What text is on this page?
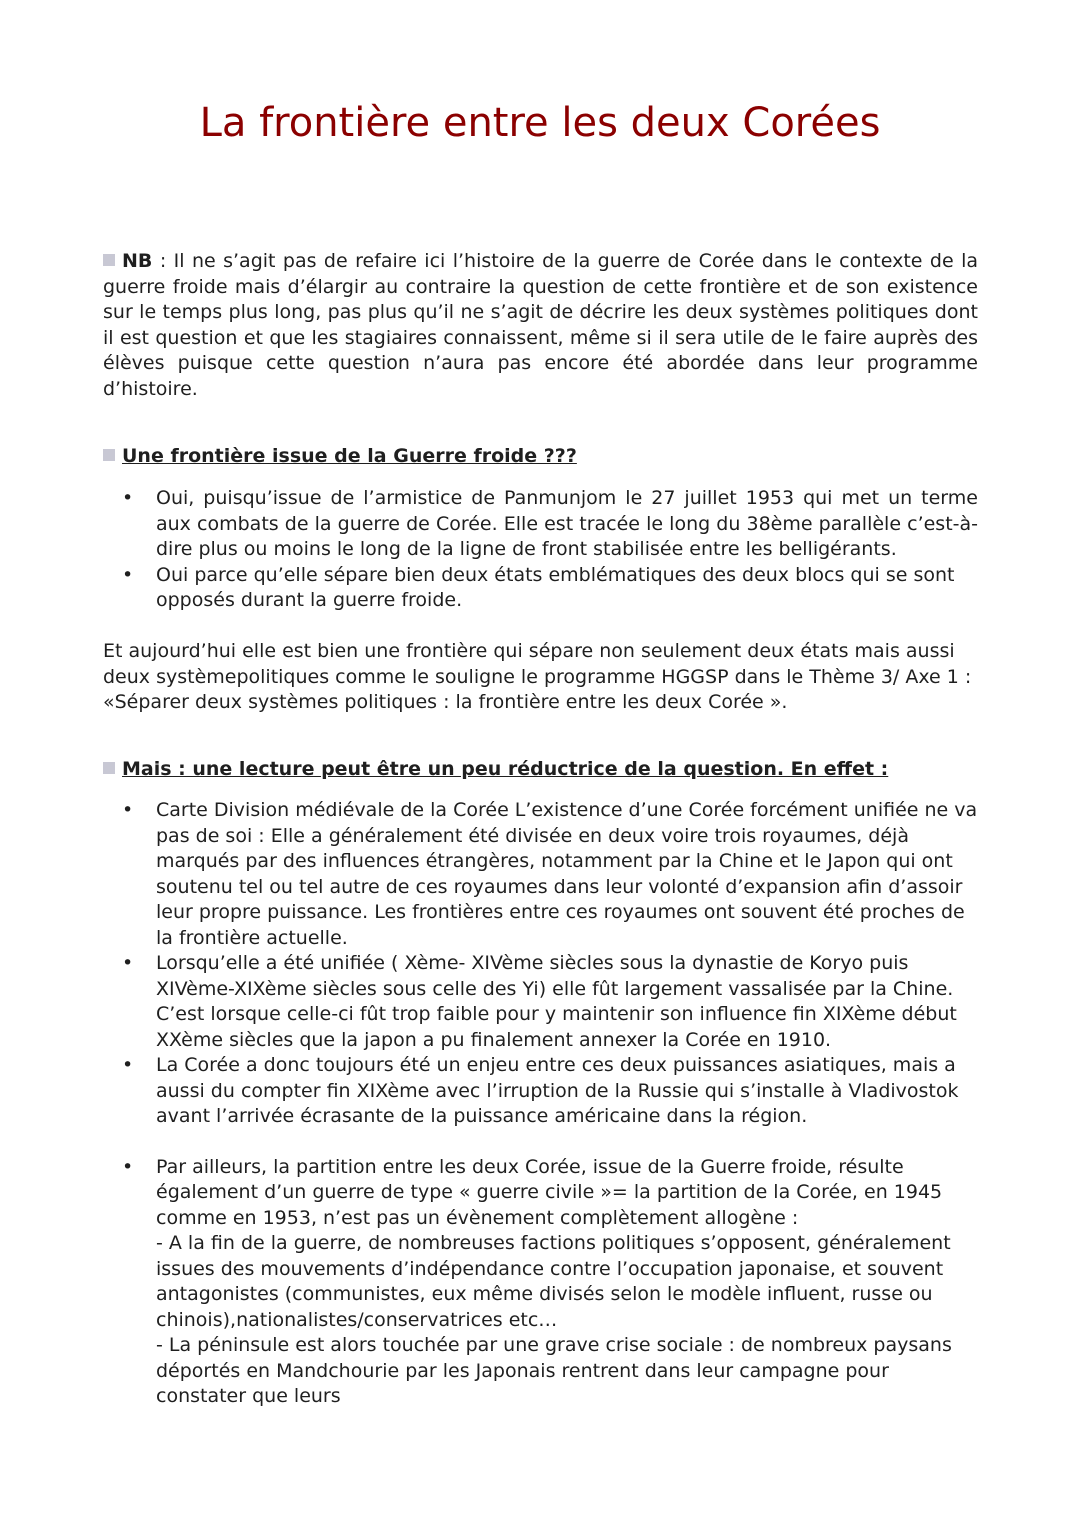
La frontière entre les deux Corées
NB : Il ne s’agit pas de refaire ici l’histoire de la guerre de Corée dans le contexte de la guerre froide mais d’élargir au contraire la question de cette frontière et de son existence sur le temps plus long, pas plus qu’il ne s’agit de décrire les deux systèmes politiques dont il est question et que les stagiaires connaissent, même si il sera utile de le faire auprès des élèves puisque cette question n’aura pas encore été abordée dans leur programme d’histoire.
Une frontière issue de la Guerre froide ???
• Oui, puisqu’issue de l’armistice de Panmunjom le 27 juillet 1953 qui met un terme aux combats de la guerre de Corée. Elle est tracée le long du 38ème parallèle c’est-à-dire plus ou moins le long de la ligne de front stabilisée entre les belligérants.
• Oui parce qu’elle sépare bien deux états emblématiques des deux blocs qui se sont opposés durant la guerre froide.
Et aujourd’hui elle est bien une frontière qui sépare non seulement deux états mais aussi deux systèmepolitiques comme le souligne le programme HGGSP dans le Thème 3/ Axe 1 : «Séparer deux systèmes politiques : la frontière entre les deux Corée ».
Mais : une lecture peut être un peu réductrice de la question. En effet :
• Carte Division médiévale de la Corée L’existence d’une Corée forcément unifiée ne va pas de soi : Elle a généralement été divisée en deux voire trois royaumes, déjà marqués par des influences étrangères, notamment par la Chine et le Japon qui ont soutenu tel ou tel autre de ces royaumes dans leur volonté d’expansion afin d’assoir leur propre puissance. Les frontières entre ces royaumes ont souvent été proches de la frontière actuelle.
• Lorsqu’elle a été unifiée ( Xème- XIVème siècles sous la dynastie de Koryo puis XIVème-XIXème siècles sous celle des Yi) elle fût largement vassalisée par la Chine. C’est lorsque celle-ci fût trop faible pour y maintenir son influence fin XIXème début XXème siècles que la japon a pu finalement annexer la Corée en 1910.
• La Corée a donc toujours été un enjeu entre ces deux puissances asiatiques, mais a aussi du compter fin XIXème avec l’irruption de la Russie qui s’installe à Vladivostok avant l’arrivée écrasante de la puissance américaine dans la région.
• Par ailleurs, la partition entre les deux Corée, issue de la Guerre froide, résulte également d’un guerre de type « guerre civile »= la partition de la Corée, en 1945 comme en 1953, n’est pas un évènement complètement allogène :
- A la fin de la guerre, de nombreuses factions politiques s’opposent, généralement issues des mouvements d’indépendance contre l’occupation japonaise, et souvent antagonistes (communistes, eux même divisés selon le modèle influent, russe ou chinois),nationalistes/conservatrices etc…
- La péninsule est alors touchée par une grave crise sociale : de nombreux paysans déportés en Mandchourie par les Japonais rentrent dans leur campagne pour constater que leurs
